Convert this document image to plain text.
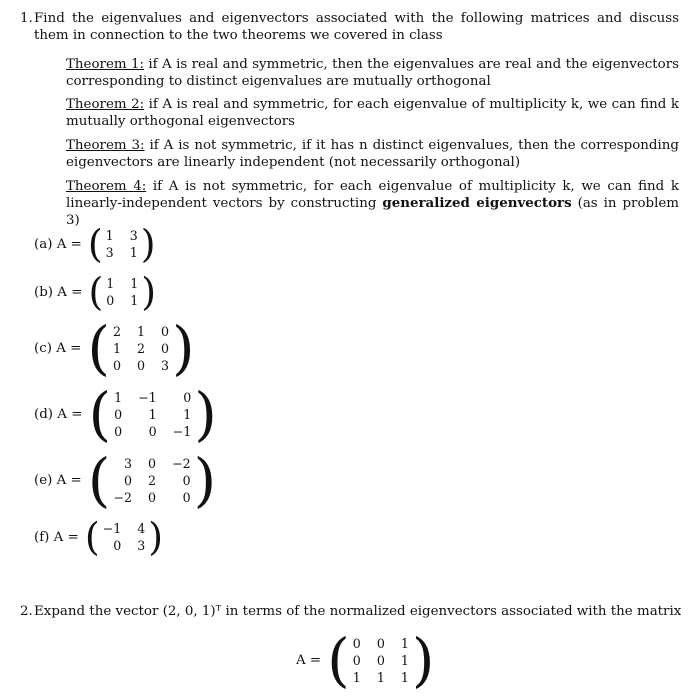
1. Find the eigenvalues and eigenvectors associated with the following matrices and discuss them in connection to the two theorems we covered in class
Theorem 1: if A is real and symmetric, then the eigenvalues are real and the eigenvectors corresponding to distinct eigenvalues are mutually orthogonal
Theorem 2: if A is real and symmetric, for each eigenvalue of multiplicity k, we can find k mutually orthogonal eigenvectors
Theorem 3: if A is not symmetric, if it has n distinct eigenvalues, then the corresponding eigenvectors are linearly independent (not necessarily orthogonal)
Theorem 4: if A is not symmetric, for each eigenvalue of multiplicity k, we can find k linearly-independent vectors by constructing generalized eigenvectors (as in problem 3)
(a) A = ( 1 3
3 1 )
(b) A = ( 1 1
0 1 )
(c) A = ( 2 1 0
1 2 0
0 0 3 )
(d) A = ( 1 −1	0
0	1	1
0	0 −1 )
(e) A = (	3 0 −2
0 2	0
−2 0	0 )
(f) A = ( −1 4
0 3 )
2. Expand the vector (2, 0, 1)ᵀ in terms of the normalized eigenvectors associated with the matrix
A = ( 0 0 1
0 0 1
1 1 1 )
